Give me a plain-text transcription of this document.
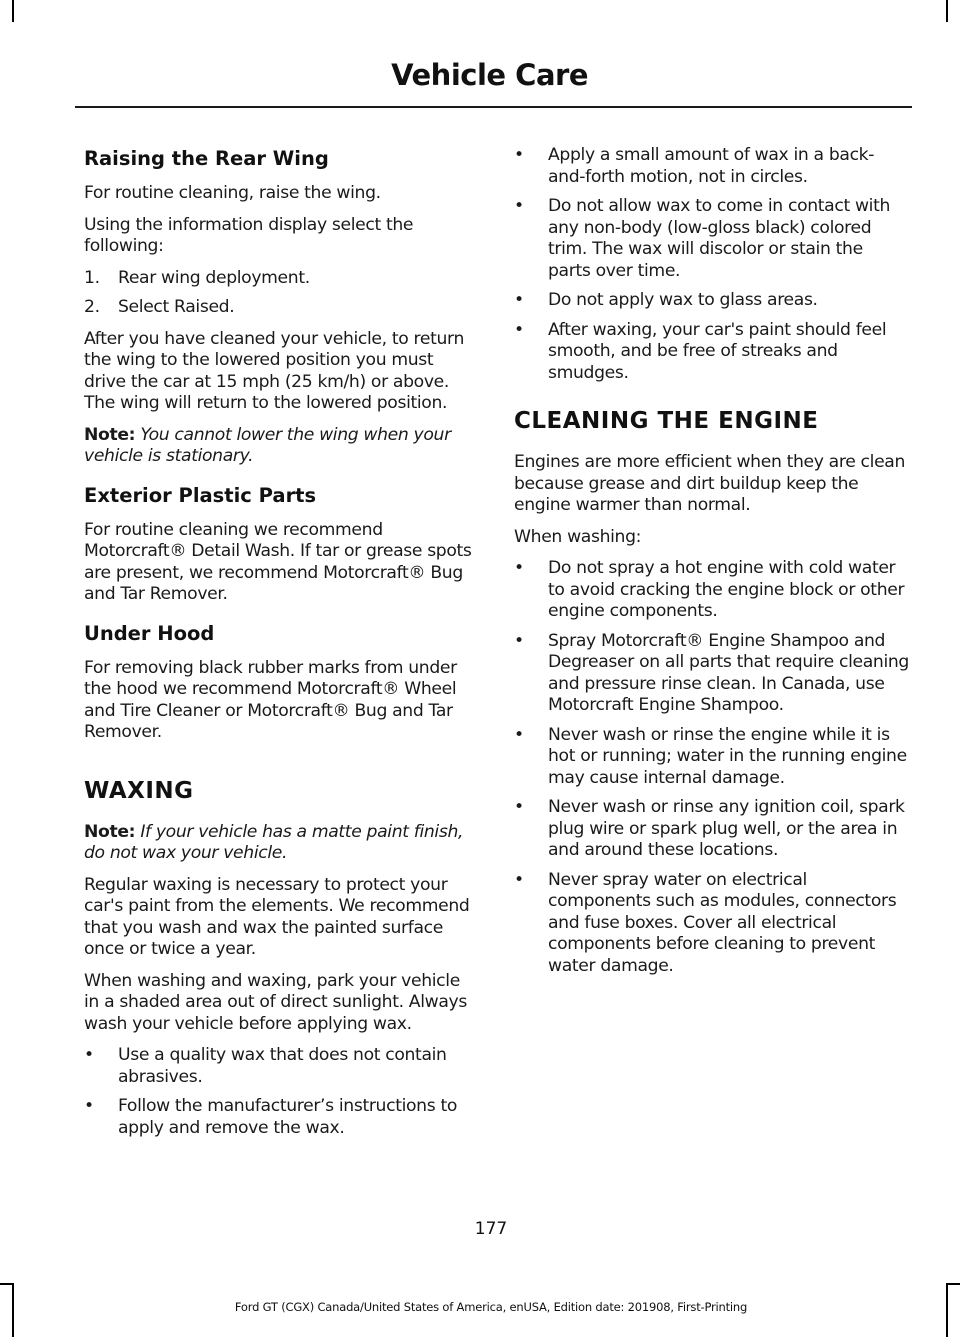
Vehicle Care
Raising the Rear Wing

For routine cleaning, raise the wing.

Using the information display select the following:

1. Rear wing deployment.
2. Select Raised.

After you have cleaned your vehicle, to return the wing to the lowered position you must drive the car at 15 mph (25 km/h) or above. The wing will return to the lowered position.

Note: You cannot lower the wing when your vehicle is stationary.

Exterior Plastic Parts

For routine cleaning we recommend Motorcraft® Detail Wash. If tar or grease spots are present, we recommend Motorcraft® Bug and Tar Remover.

Under Hood

For removing black rubber marks from under the hood we recommend Motorcraft® Wheel and Tire Cleaner or Motorcraft® Bug and Tar Remover.

WAXING

Note: If your vehicle has a matte paint finish, do not wax your vehicle.

Regular waxing is necessary to protect your car's paint from the elements. We recommend that you wash and wax the painted surface once or twice a year.

When washing and waxing, park your vehicle in a shaded area out of direct sunlight. Always wash your vehicle before applying wax.

• Use a quality wax that does not contain abrasives.
• Follow the manufacturer’s instructions to apply and remove the wax.
• Apply a small amount of wax in a back-and-forth motion, not in circles.
• Do not allow wax to come in contact with any non-body (low-gloss black) colored trim. The wax will discolor or stain the parts over time.
• Do not apply wax to glass areas.
• After waxing, your car's paint should feel smooth, and be free of streaks and smudges.
CLEANING THE ENGINE

Engines are more efficient when they are clean because grease and dirt buildup keep the engine warmer than normal.

When washing:

• Do not spray a hot engine with cold water to avoid cracking the engine block or other engine components.
• Spray Motorcraft® Engine Shampoo and Degreaser on all parts that require cleaning and pressure rinse clean. In Canada, use Motorcraft Engine Shampoo.
• Never wash or rinse the engine while it is hot or running; water in the running engine may cause internal damage.
• Never wash or rinse any ignition coil, spark plug wire or spark plug well, or the area in and around these locations.
• Never spray water on electrical components such as modules, connectors and fuse boxes. Cover all electrical components before cleaning to prevent water damage.
177
Ford GT (CGX) Canada/United States of America, enUSA, Edition date: 201908, First-Printing
